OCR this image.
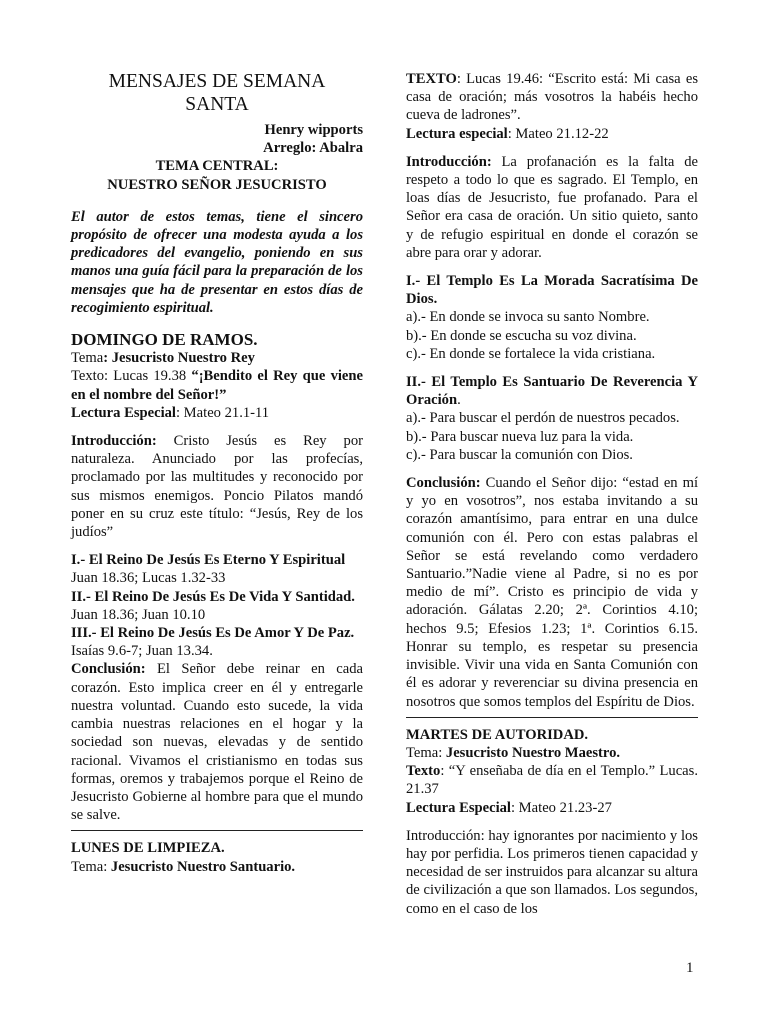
MENSAJES DE SEMANA
SANTA

Henry wipports

Arreglo: Abalra

TEMA CENTRAL:

NUESTRO SEÑOR JESUCRISTO

El autor de estos temas, tiene el sincero propósito de ofrecer una modesta ayuda a los predicadores del evangelio, poniendo en sus manos una guía fácil para la preparación de los mensajes que ha de presentar en estos días de recogimiento espiritual.

DOMINGO DE RAMOS.

Tema: Jesucristo Nuestro Rey

Texto: Lucas 19.38 “¡Bendito el Rey que viene en el nombre del Señor!”

Lectura Especial: Mateo 21.1-11

Introducción: Cristo Jesús es Rey por naturaleza. Anunciado por las profecías, proclamado por las multitudes y reconocido por sus mismos enemigos. Poncio Pilatos mandó poner en su cruz este título: “Jesús, Rey de los judíos”

I.- El Reino De Jesús Es Eterno Y Espiritual

Juan 18.36; Lucas 1.32-33

II.- El Reino De Jesús Es De Vida Y Santidad.

Juan 18.36; Juan 10.10

III.- El Reino De Jesús Es De Amor Y De Paz.

Isaías 9.6-7; Juan 13.34.

Conclusión: El Señor debe reinar en cada corazón. Esto implica creer en él y entregarle nuestra voluntad. Cuando esto sucede, la vida cambia nuestras relaciones en el hogar y la sociedad son nuevas, elevadas y de sentido racional. Vivamos el cristianismo en todas sus formas, oremos y trabajemos porque el Reino de Jesucristo Gobierne al hombre para que el mundo se salve.

LUNES DE LIMPIEZA.

Tema: Jesucristo Nuestro Santuario.

TEXTO: Lucas 19.46: “Escrito está: Mi casa es casa de oración; más vosotros la habéis hecho cueva de ladrones”.

Lectura especial: Mateo 21.12-22

Introducción: La profanación es la falta de respeto a todo lo que es sagrado. El Templo, en loas días de Jesucristo, fue profanado. Para el Señor era casa de oración. Un sitio quieto, santo y de refugio espiritual en donde el corazón se abre para orar y adorar.

I.- El Templo Es La Morada Sacratísima De Dios.

a).- En donde se invoca su santo Nombre.

b).- En donde se escucha su voz divina.

c).- En donde se fortalece la vida cristiana.

II.- El Templo Es Santuario De Reverencia Y Oración.

a).- Para buscar el perdón de nuestros pecados.

b).- Para buscar nueva luz para la vida.

c).- Para buscar la comunión con Dios.

Conclusión: Cuando el Señor dijo: “estad en mí y yo en vosotros”, nos estaba invitando a su corazón amantísimo, para entrar en una dulce comunión con él. Pero con estas palabras el Señor se está revelando como verdadero Santuario.”Nadie viene al Padre, si no es por medio de mí”. Cristo es principio de vida y adoración. Gálatas 2.20; 2ª. Corintios 4.10; hechos 9.5; Efesios 1.23; 1ª. Corintios 6.15. Honrar su templo, es respetar su presencia invisible. Vivir una vida en Santa Comunión con él es adorar y reverenciar su divina presencia en nosotros que somos templos del Espíritu de Dios.

MARTES DE AUTORIDAD.

Tema: Jesucristo Nuestro Maestro.

Texto: “Y enseñaba de día en el Templo.” Lucas. 21.37

Lectura Especial: Mateo 21.23-27

Introducción: hay ignorantes por nacimiento y los hay por perfidia. Los primeros tienen capacidad y necesidad de ser instruidos para alcanzar su altura de civilización a que son llamados. Los segundos, como en el caso de los

1
